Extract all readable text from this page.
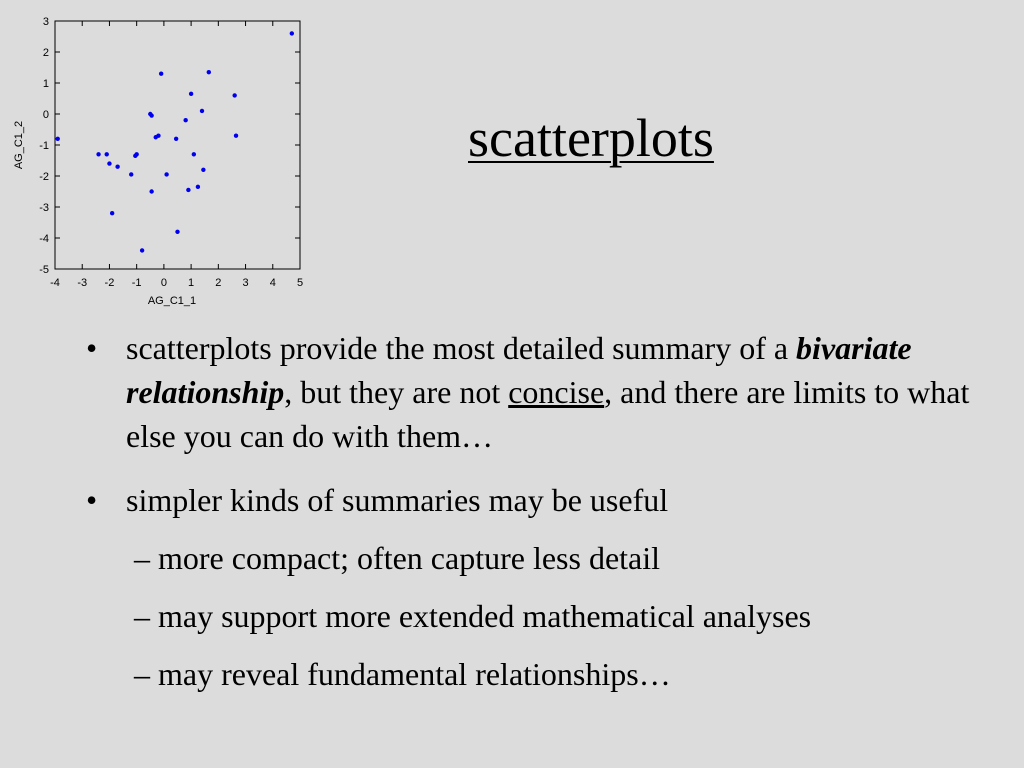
-4 -3 -2 -1 0 1 2 3 4 5
-5
-4
-3
-2
-1
0
1
2
3
AG_C1_1
AG_C1_2	scatterplots
• scatterplots provide the most detailed summary of a bivariate relationship, but they are not concise, and there are limits to what else you can do with them…
• simpler kinds of summaries may be useful
– more compact; often capture less detail
– may support more extended mathematical analyses
– may reveal fundamental relationships…
